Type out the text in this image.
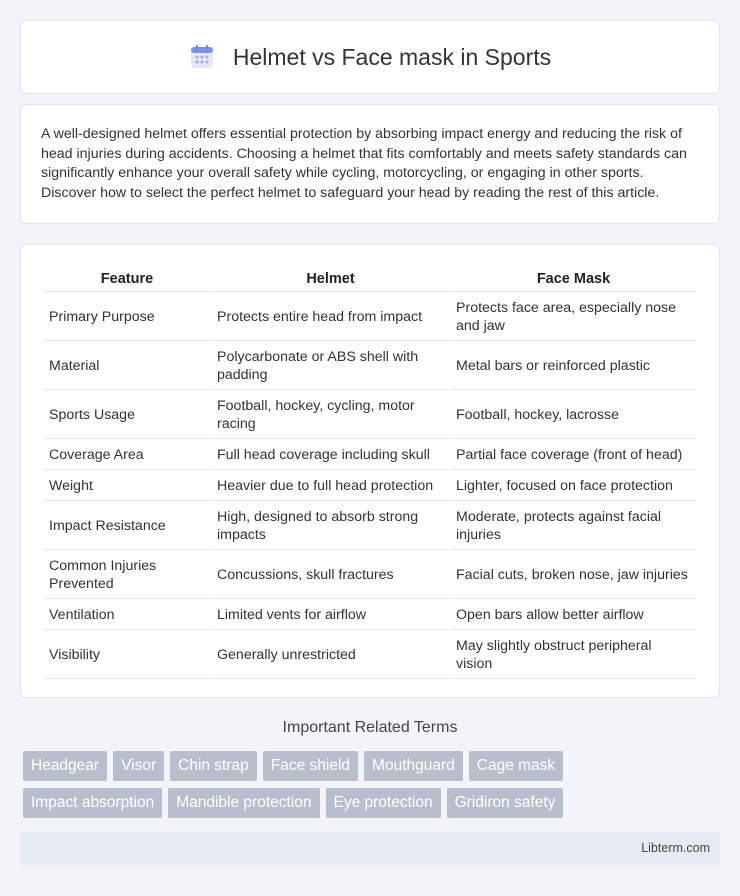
Helmet vs Face mask in Sports

A well-designed helmet offers essential protection by absorbing impact energy and reducing the risk of head injuries during accidents. Choosing a helmet that fits comfortably and meets safety standards can significantly enhance your overall safety while cycling, motorcycling, or engaging in other sports. Discover how to select the perfect helmet to safeguard your head by reading the rest of this article.

Feature	Helmet	Face Mask
Primary Purpose	Protects entire head from impact	Protects face area, especially nose and jaw
Material	Polycarbonate or ABS shell with padding	Metal bars or reinforced plastic
Sports Usage	Football, hockey, cycling, motor racing	Football, hockey, lacrosse
Coverage Area	Full head coverage including skull	Partial face coverage (front of head)
Weight	Heavier due to full head protection	Lighter, focused on face protection
Impact Resistance	High, designed to absorb strong impacts	Moderate, protects against facial injuries
Common Injuries Prevented	Concussions, skull fractures	Facial cuts, broken nose, jaw injuries
Ventilation	Limited vents for airflow	Open bars allow better airflow
Visibility	Generally unrestricted	May slightly obstruct peripheral vision
Important Related Terms
Headgear	Visor	Chin strap	Face shield	Mouthguard	Cage mask
Impact absorption	Mandible protection	Eye protection	Gridiron safety
Libterm.com
